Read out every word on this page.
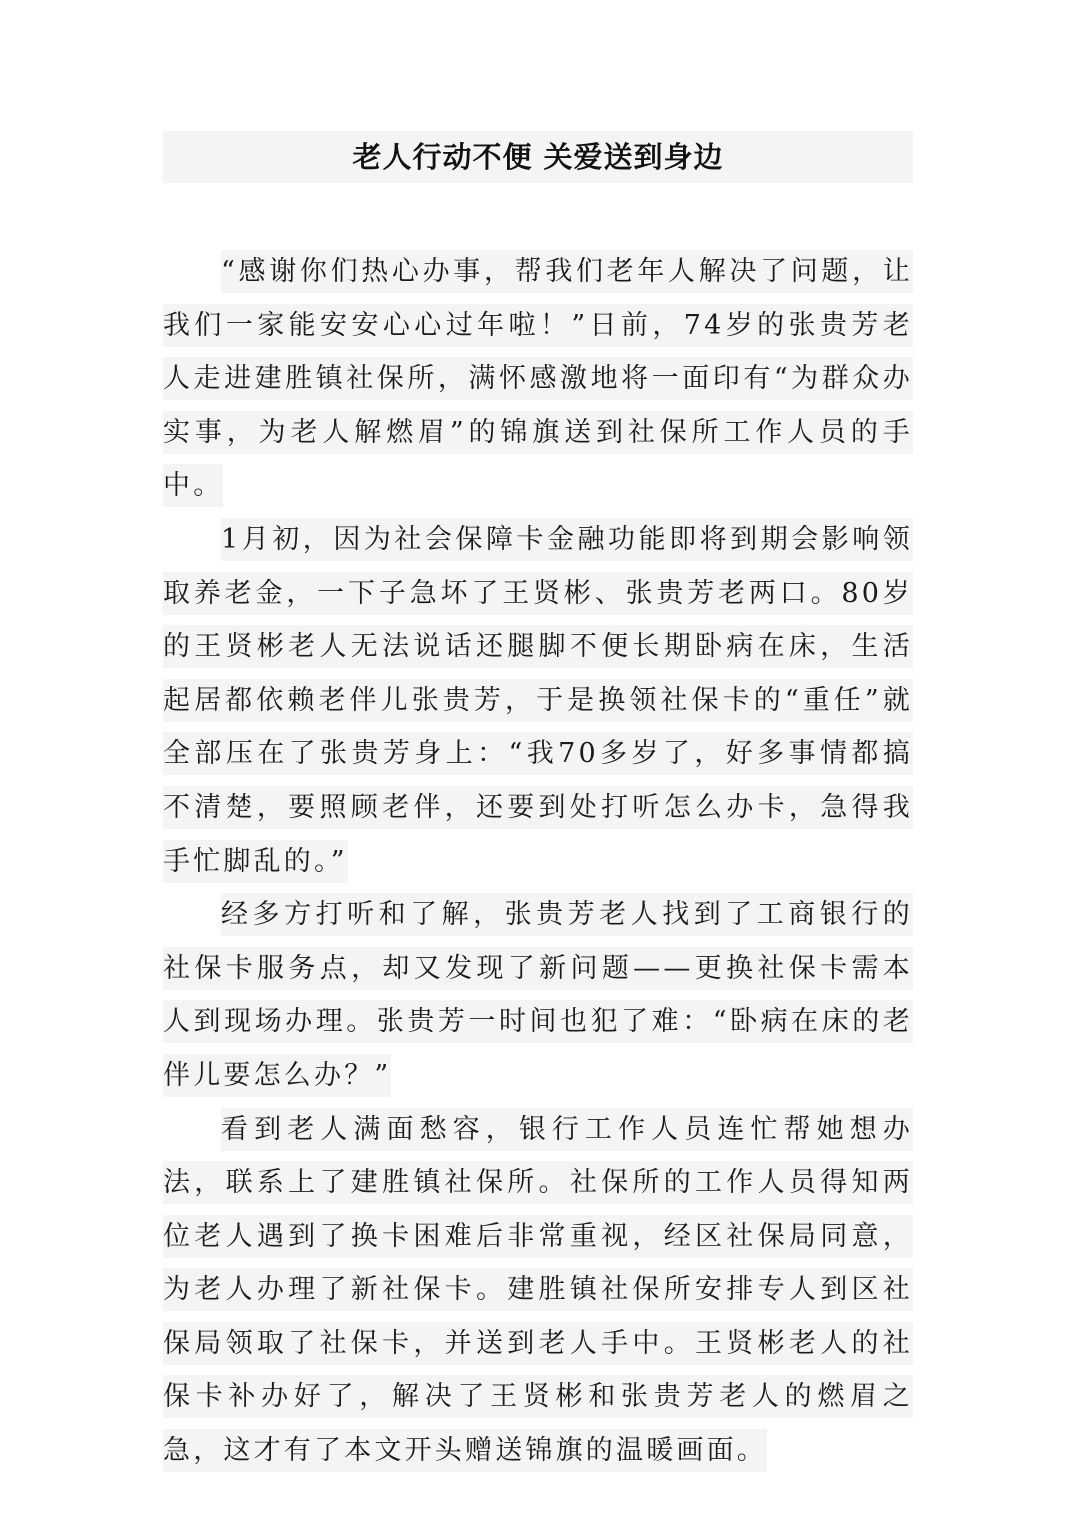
老人行动不便 关爱送到身边

“感谢你们热心办事，帮我们老年人解决了问题，让我们一家能安安心心过年啦！”日前，74岁的张贵芳老人走进建胜镇社保所，满怀感激地将一面印有“为群众办实事，为老人解燃眉”的锦旗送到社保所工作人员的手中。

1月初，因为社会保障卡金融功能即将到期会影响领取养老金，一下子急坏了王贤彬、张贵芳老两口。80岁的王贤彬老人无法说话还腿脚不便长期卧病在床，生活起居都依赖老伴儿张贵芳，于是换领社保卡的“重任”就全部压在了张贵芳身上：“我70多岁了，好多事情都搞不清楚，要照顾老伴，还要到处打听怎么办卡，急得我手忙脚乱的。”

经多方打听和了解，张贵芳老人找到了工商银行的社保卡服务点，却又发现了新问题——更换社保卡需本人到现场办理。张贵芳一时间也犯了难：“卧病在床的老伴儿要怎么办？”

看到老人满面愁容，银行工作人员连忙帮她想办法，联系上了建胜镇社保所。社保所的工作人员得知两位老人遇到了换卡困难后非常重视，经区社保局同意，为老人办理了新社保卡。建胜镇社保所安排专人到区社保局领取了社保卡，并送到老人手中。王贤彬老人的社保卡补办好了，解决了王贤彬和张贵芳老人的燃眉之急，这才有了本文开头赠送锦旗的温暖画面。
